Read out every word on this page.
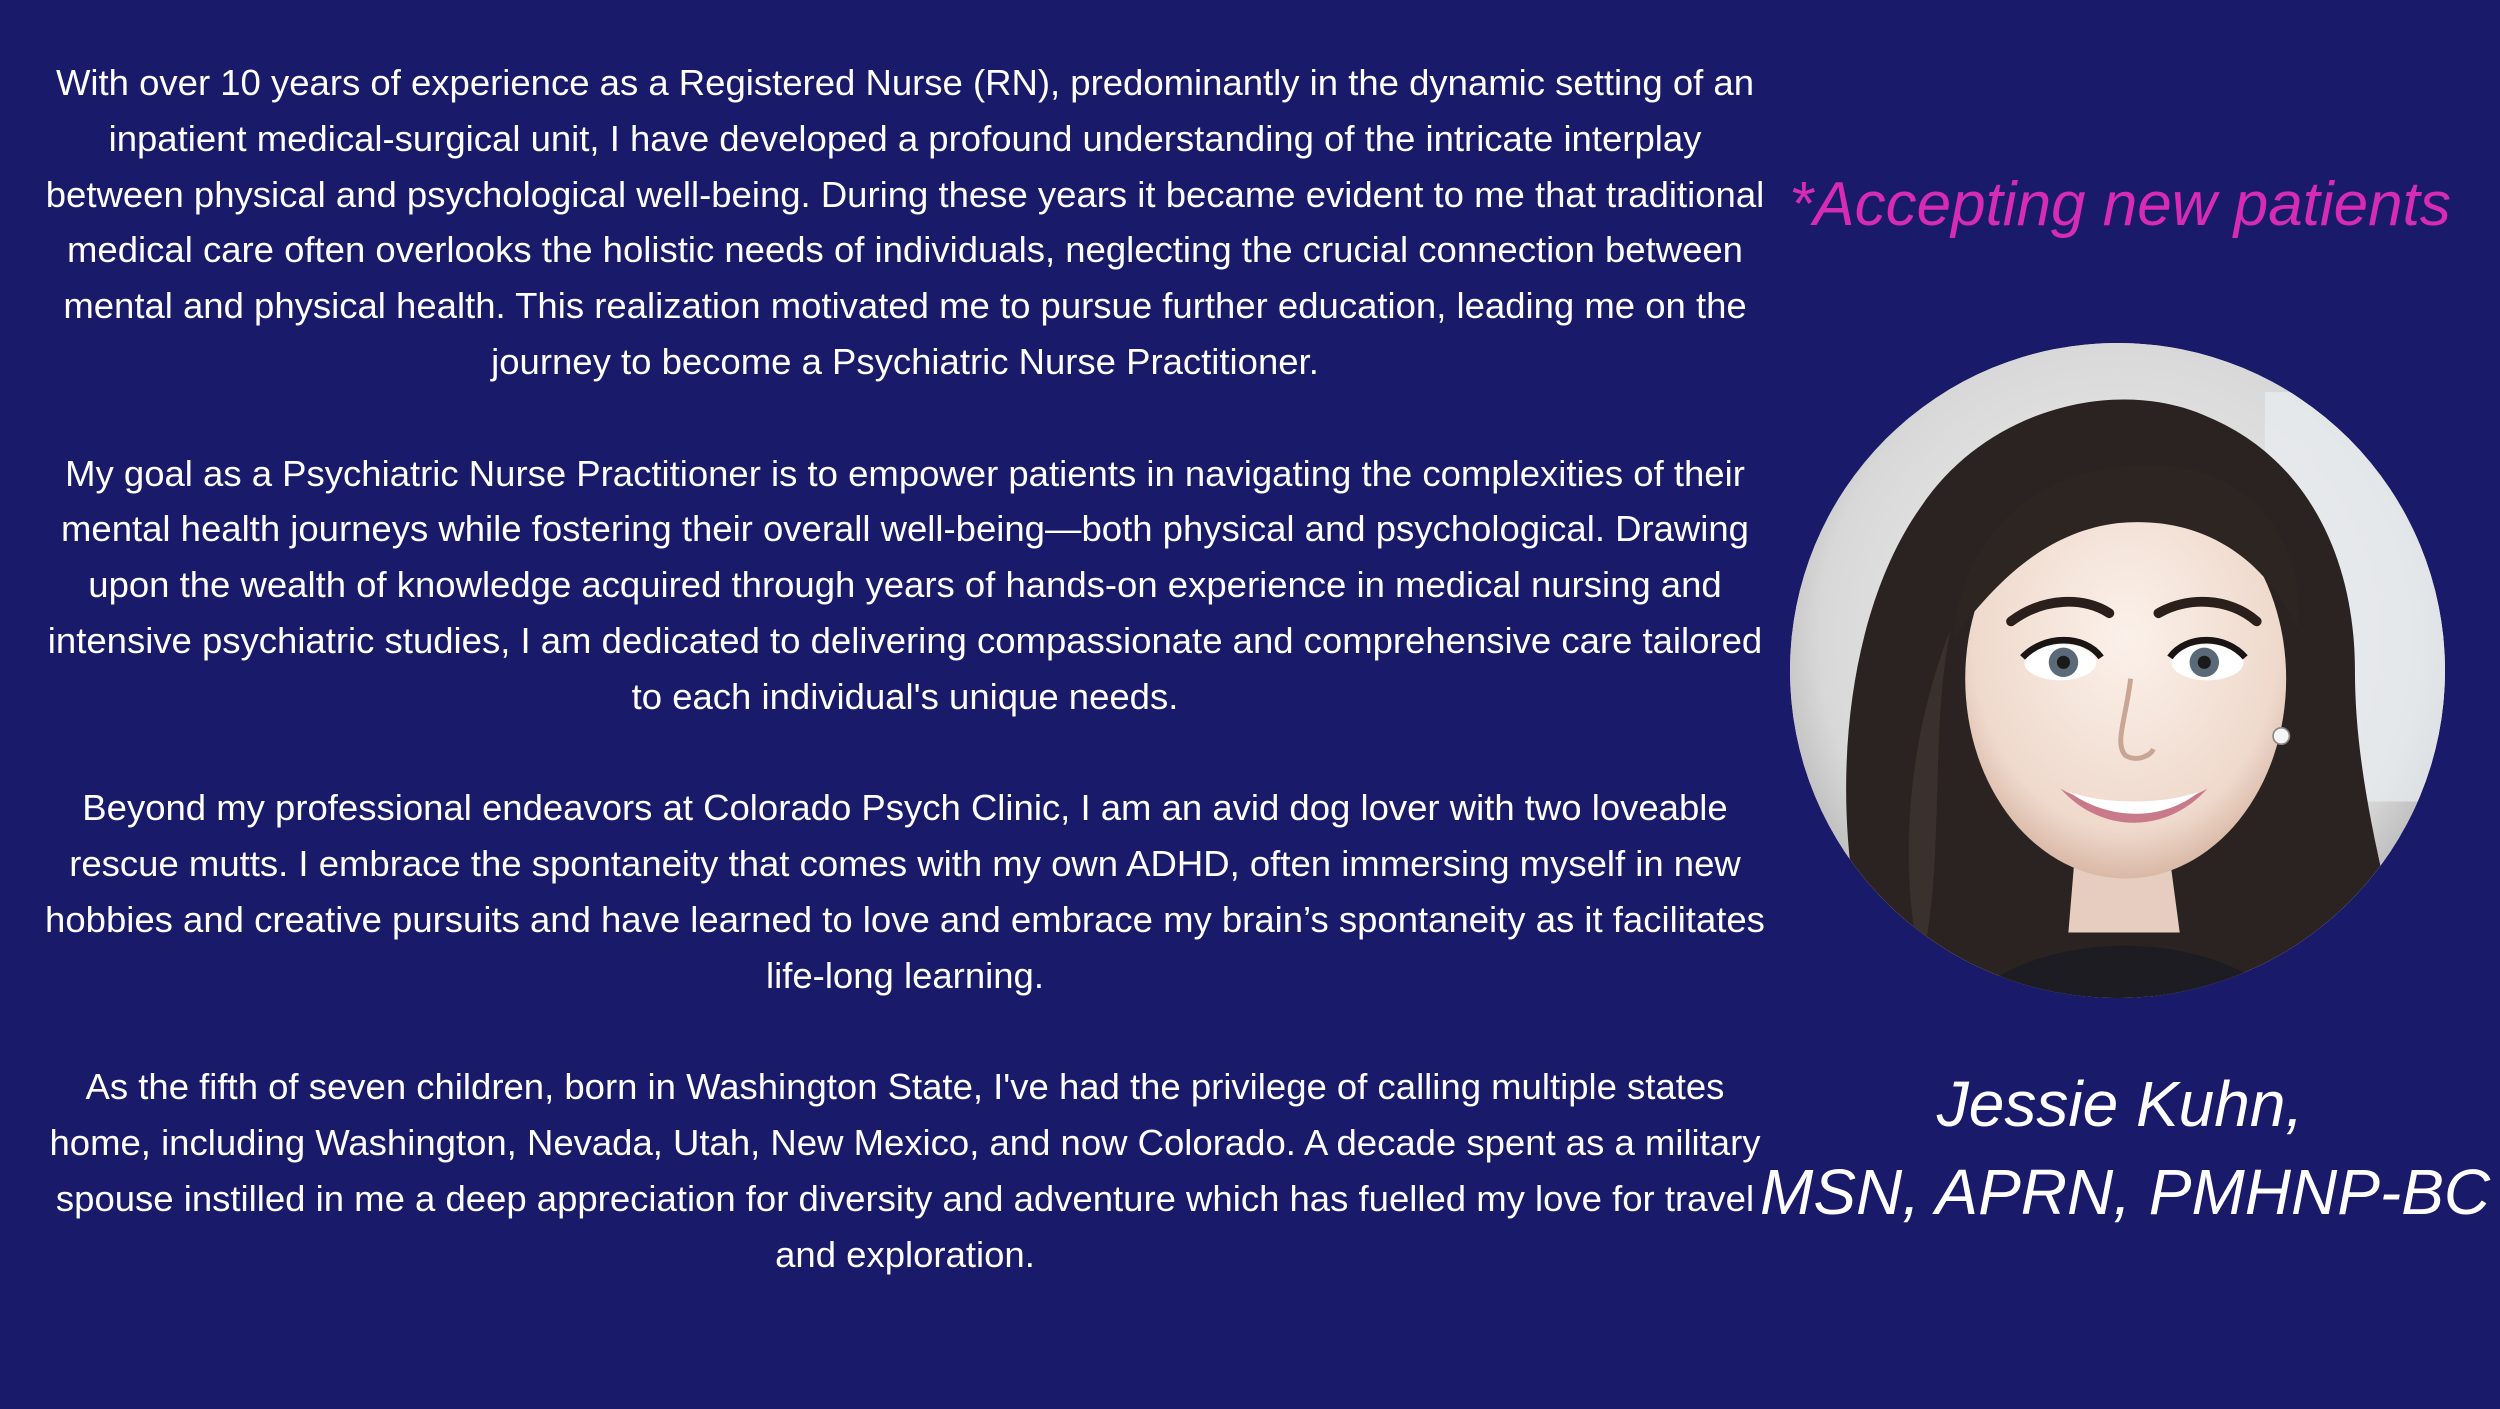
With over 10 years of experience as a Registered Nurse (RN), predominantly in the dynamic setting of an inpatient medical-surgical unit, I have developed a profound understanding of the intricate interplay between physical and psychological well-being. During these years it became evident to me that traditional medical care often overlooks the holistic needs of individuals, neglecting the crucial connection between mental and physical health. This realization motivated me to pursue further education, leading me on the journey to become a Psychiatric Nurse Practitioner.

My goal as a Psychiatric Nurse Practitioner is to empower patients in navigating the complexities of their mental health journeys while fostering their overall well-being—both physical and psychological. Drawing upon the wealth of knowledge acquired through years of hands-on experience in medical nursing and intensive psychiatric studies, I am dedicated to delivering compassionate and comprehensive care tailored to each individual's unique needs.

Beyond my professional endeavors at Colorado Psych Clinic, I am an avid dog lover with two loveable rescue mutts. I embrace the spontaneity that comes with my own ADHD, often immersing myself in new hobbies and creative pursuits and have learned to love and embrace my brain’s spontaneity as it facilitates life-long learning.

As the fifth of seven children, born in Washington State, I've had the privilege of calling multiple states home, including Washington, Nevada, Utah, New Mexico, and now Colorado. A decade spent as a military spouse instilled in me a deep appreciation for diversity and adventure which has fuelled my love for travel and exploration.

*Accepting new patients
Jessie Kuhn,
MSN, APRN, PMHNP-BC
